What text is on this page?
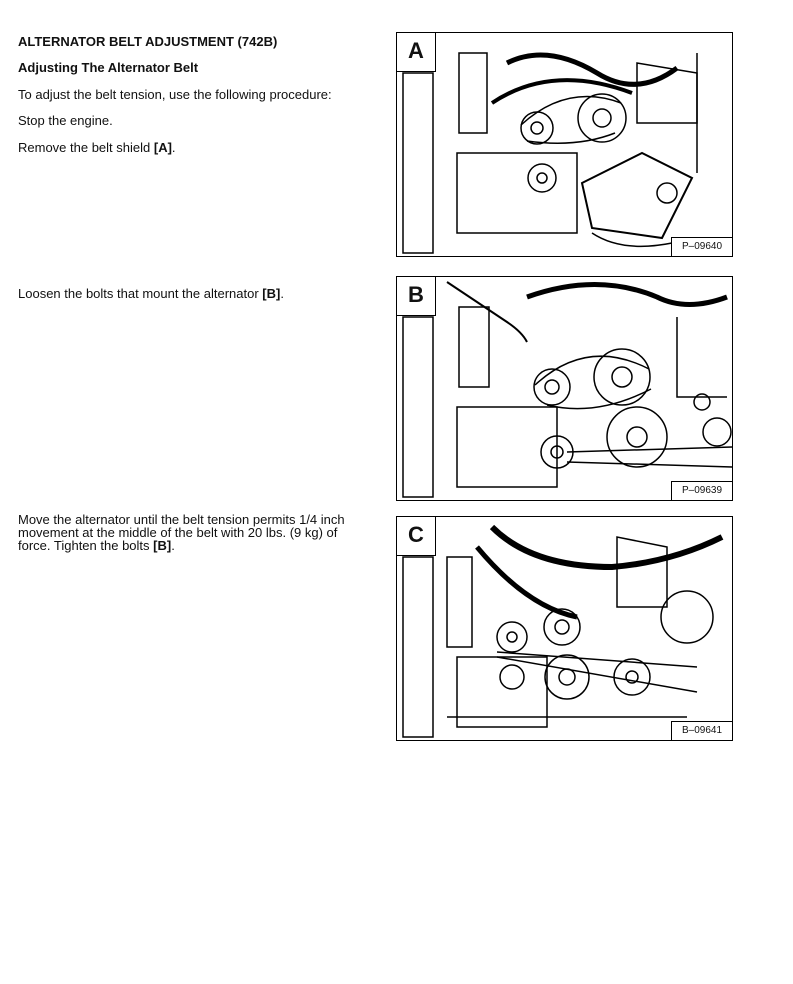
ALTERNATOR BELT ADJUSTMENT (742B)
Adjusting The Alternator Belt
To adjust the belt tension, use the following procedure:
Stop the engine.
Remove the belt shield [A].
Loosen the bolts that mount the alternator [B].
Move the alternator until the belt tension permits 1/4 inch movement at the middle of the belt with 20 lbs. (9 kg) of force. Tighten the bolts [B].
A
P–09640
B
P–09639
C
B–09641
